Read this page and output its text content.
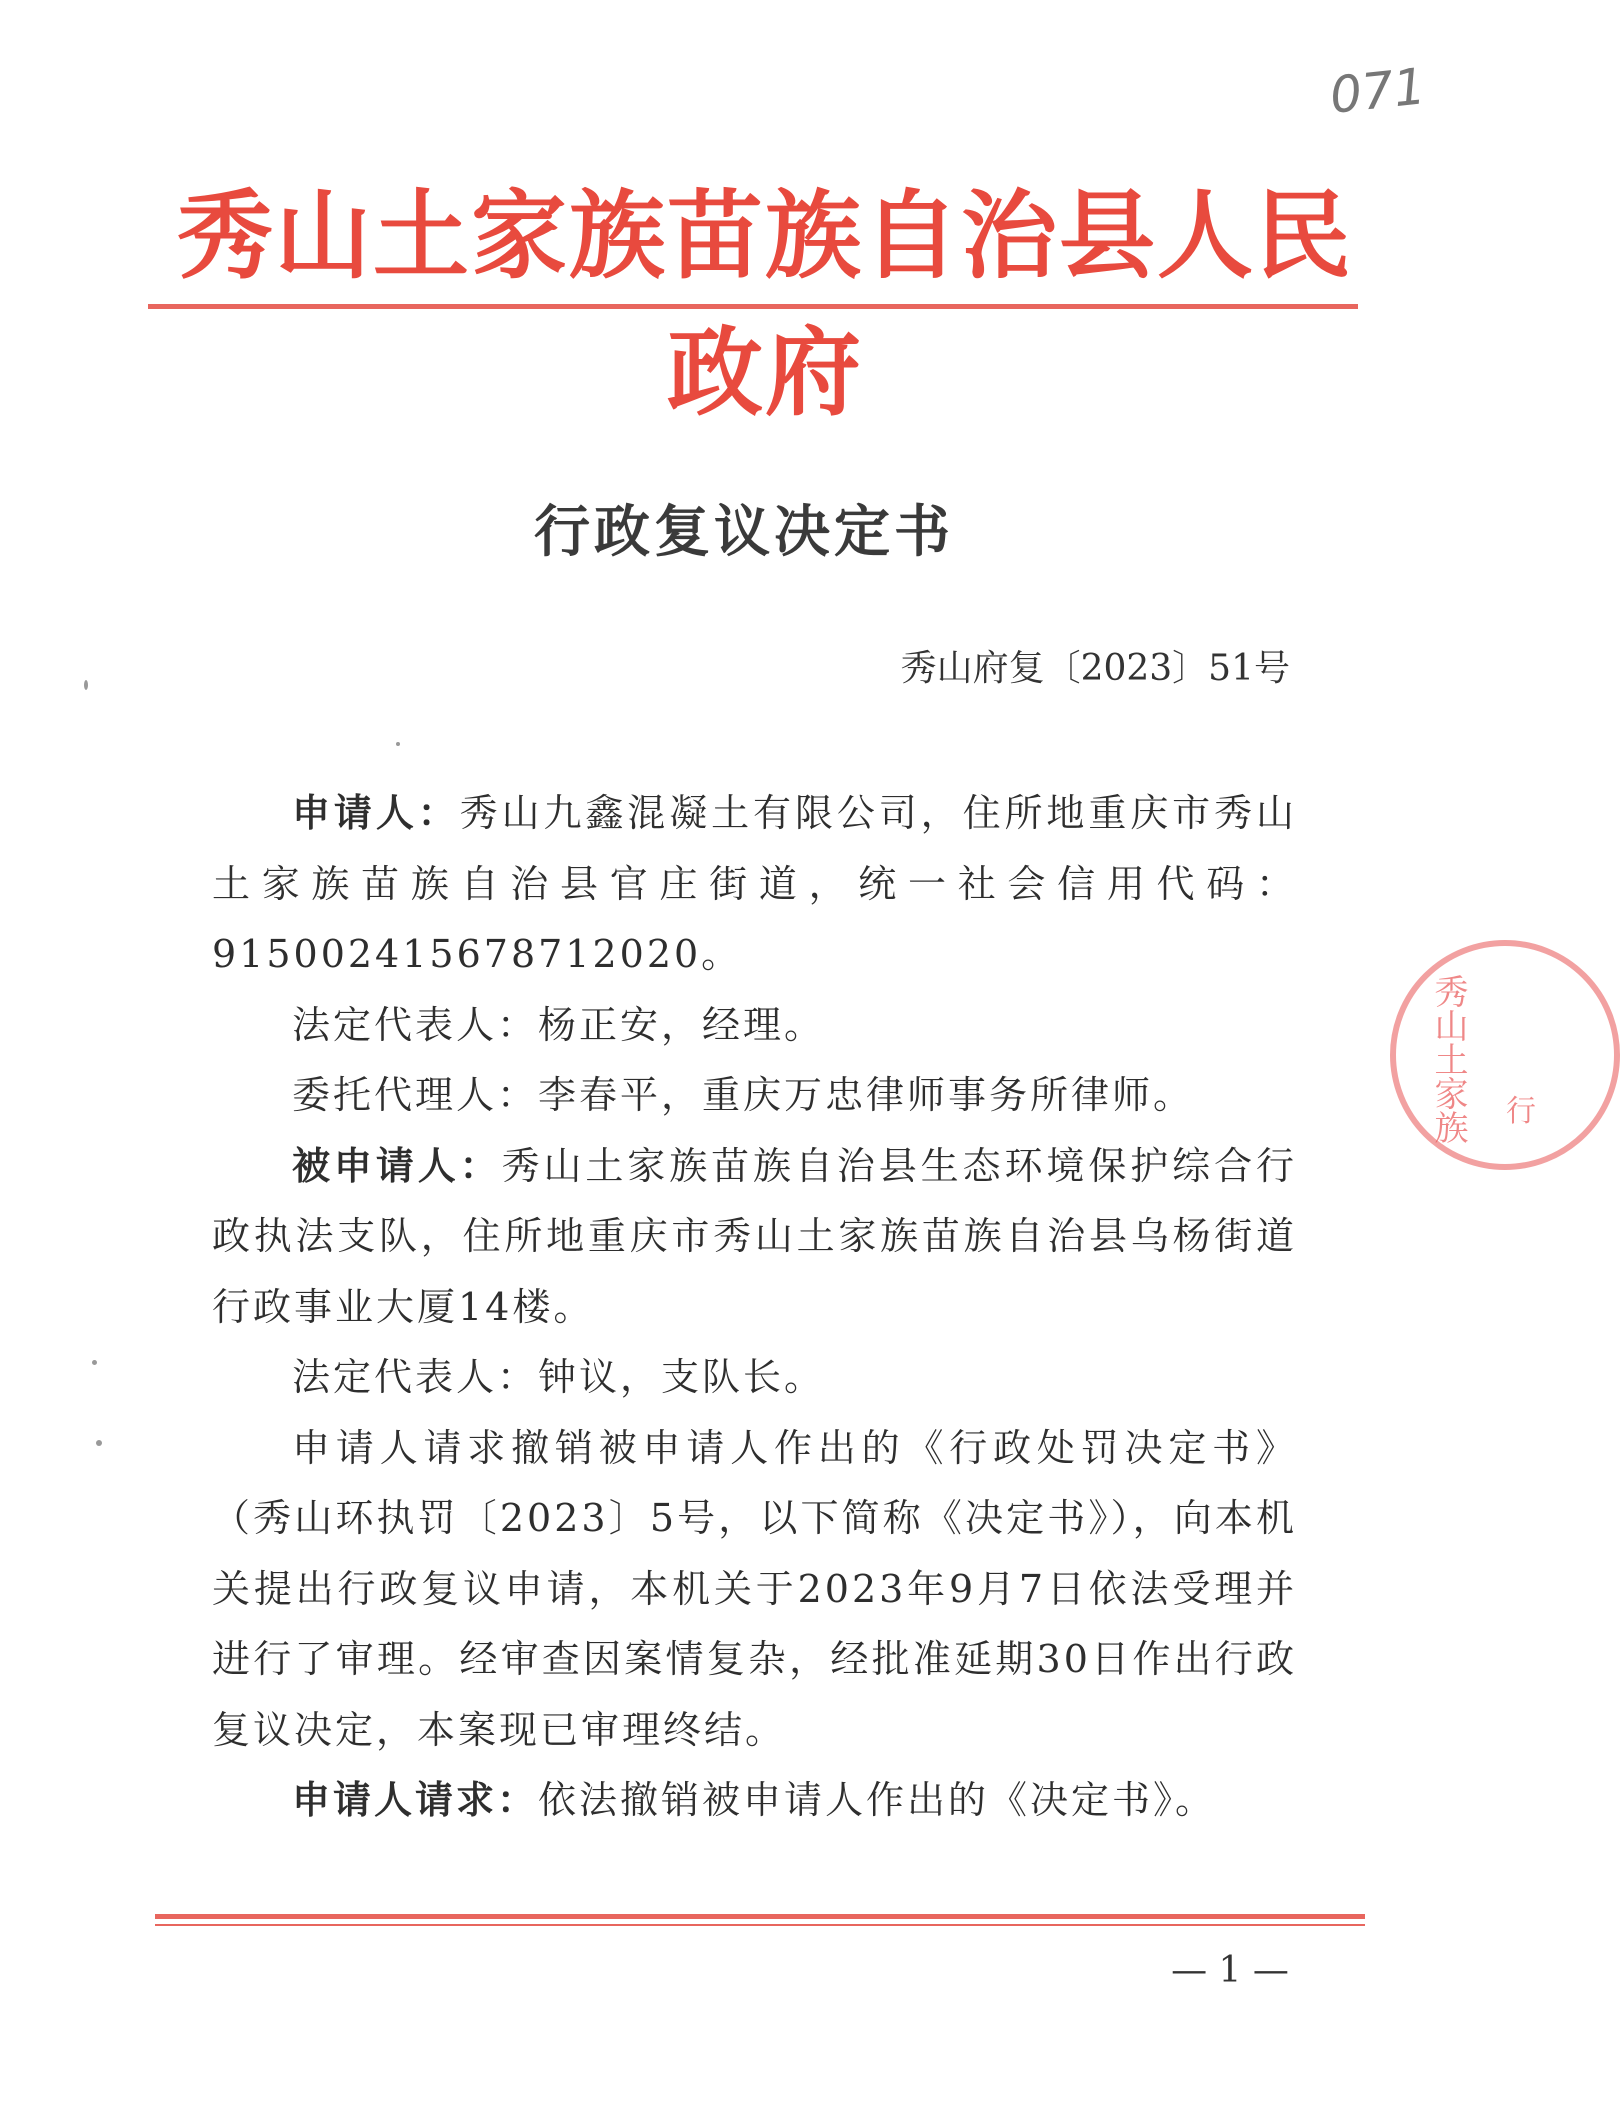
071
秀山土家族苗族自治县人民政府
行政复议决定书
秀山府复〔2023〕51号

申请人：秀山九鑫混凝土有限公司，住所地重庆市秀山土家族苗族自治县官庄街道，统一社会信用代码：915002415678712020。

法定代表人：杨正安，经理。

委托代理人：李春平，重庆万忠律师事务所律师。

被申请人：秀山土家族苗族自治县生态环境保护综合行政执法支队，住所地重庆市秀山土家族苗族自治县乌杨街道行政事业大厦14楼。

法定代表人：钟议，支队长。

申请人请求撤销被申请人作出的《行政处罚决定书》（秀山环执罚〔2023〕5号，以下简称《决定书》），向本机关提出行政复议申请，本机关于2023年9月7日依法受理并进行了审理。经审查因案情复杂，经批准延期30日作出行政复议决定，本案现已审理终结。

申请人请求：依法撤销被申请人作出的《决定书》。

秀山土家族 行
— 1 —
